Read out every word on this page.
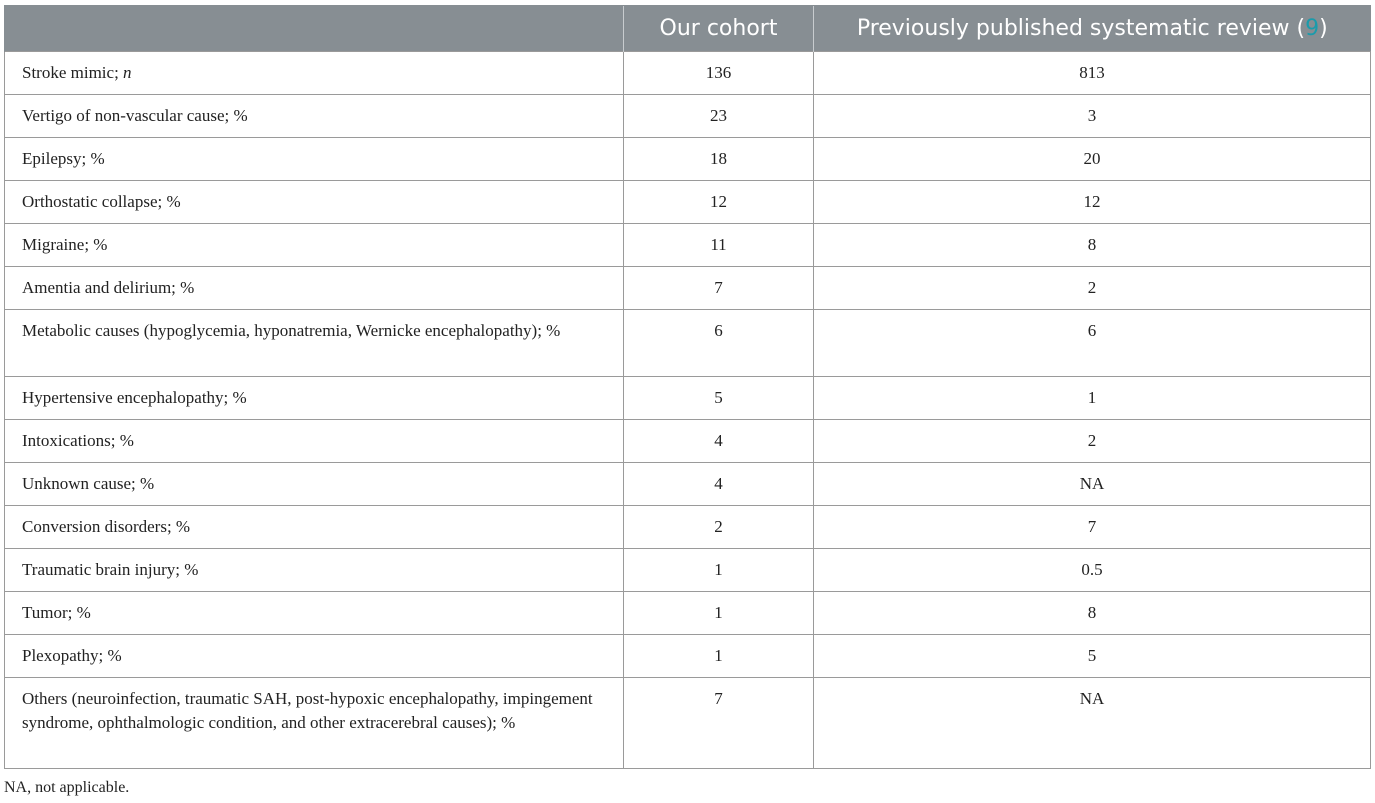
	Our cohort	Previously published systematic review (9)
Stroke mimic; n	136	813
Vertigo of non-vascular cause; %	23	3
Epilepsy; %	18	20
Orthostatic collapse; %	12	12
Migraine; %	11	8
Amentia and delirium; %	7	2
Metabolic causes (hypoglycemia, hyponatremia, Wernicke encephalopathy); %	6	6
Hypertensive encephalopathy; %	5	1
Intoxications; %	4	2
Unknown cause; %	4	NA
Conversion disorders; %	2	7
Traumatic brain injury; %	1	0.5
Tumor; %	1	8
Plexopathy; %	1	5
Others (neuroinfection, traumatic SAH, post-hypoxic encephalopathy, impingement syndrome, ophthalmologic condition, and other extracerebral causes); %	7	NA
NA, not applicable.
